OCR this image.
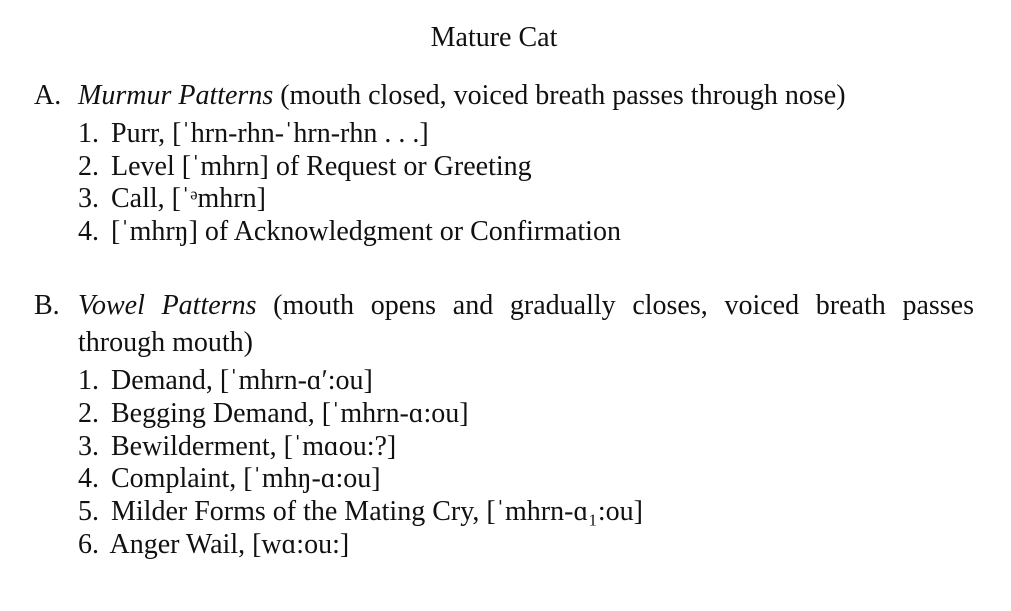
Mature Cat

A. Murmur Patterns (mouth closed, voiced breath passes through nose)

1. Purr, [ˈhrn-rhn-ˈhrn-rhn . . .]
2. Level [ˈmhrn] of Request or Greeting
3. Call, [ˈᵊmhrn]
4. [ˈmhrŋ] of Acknowledgment or Confirmation

B. Vowel Patterns (mouth opens and gradually closes, voiced breath passes through mouth)

1. Demand, [ˈmhrn-ɑʹ:ou]
2. Begging Demand, [ˈmhrn-ɑ:ou]
3. Bewilderment, [ˈmɑou:?]
4. Complaint, [ˈmhŋ-ɑ:ou]
5. Milder Forms of the Mating Cry, [ˈmhrn-ɑ₁:ou]
6. Anger Wail, [wɑ:ou:]
